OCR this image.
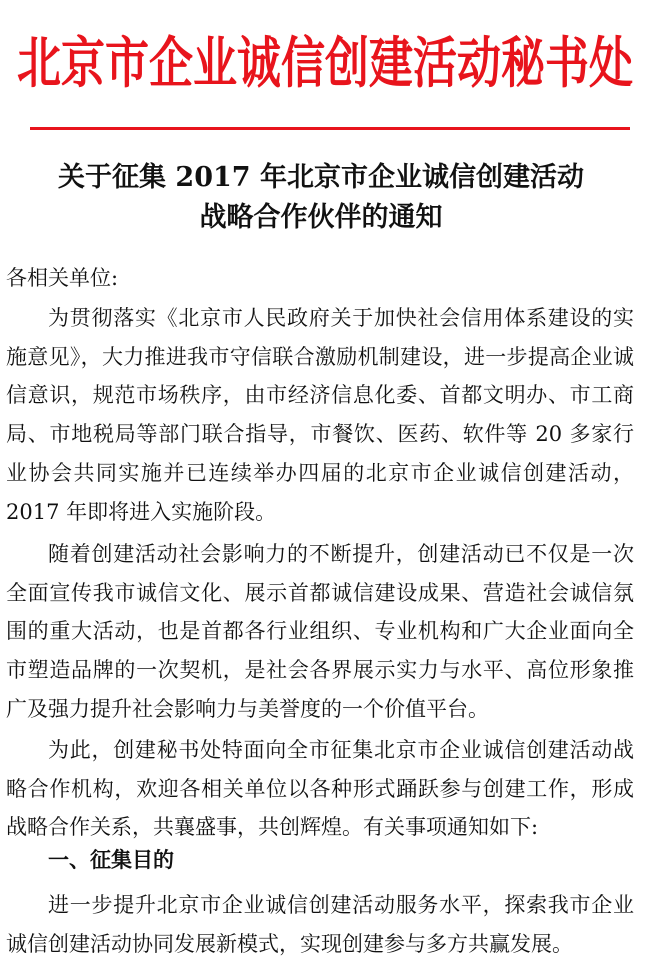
北京市企业诚信创建活动秘书处
关于征集 2017 年北京市企业诚信创建活动
战略合作伙伴的通知
各相关单位:
为贯彻落实《北京市人民政府关于加快社会信用体系建设的实施意见》，大力推进我市守信联合激励机制建设，进一步提高企业诚信意识，规范市场秩序，由市经济信息化委、首都文明办、市工商局、市地税局等部门联合指导，市餐饮、医药、软件等 20 多家行业协会共同实施并已连续举办四届的北京市企业诚信创建活动，2017 年即将进入实施阶段。
随着创建活动社会影响力的不断提升，创建活动已不仅是一次全面宣传我市诚信文化、展示首都诚信建设成果、营造社会诚信氛围的重大活动，也是首都各行业组织、专业机构和广大企业面向全市塑造品牌的一次契机，是社会各界展示实力与水平、高位形象推广及强力提升社会影响力与美誉度的一个价值平台。
为此，创建秘书处特面向全市征集北京市企业诚信创建活动战略合作机构，欢迎各相关单位以各种形式踊跃参与创建工作，形成战略合作关系，共襄盛事，共创辉煌。有关事项通知如下:
一、征集目的
进一步提升北京市企业诚信创建活动服务水平，探索我市企业诚信创建活动协同发展新模式，实现创建参与多方共赢发展。
